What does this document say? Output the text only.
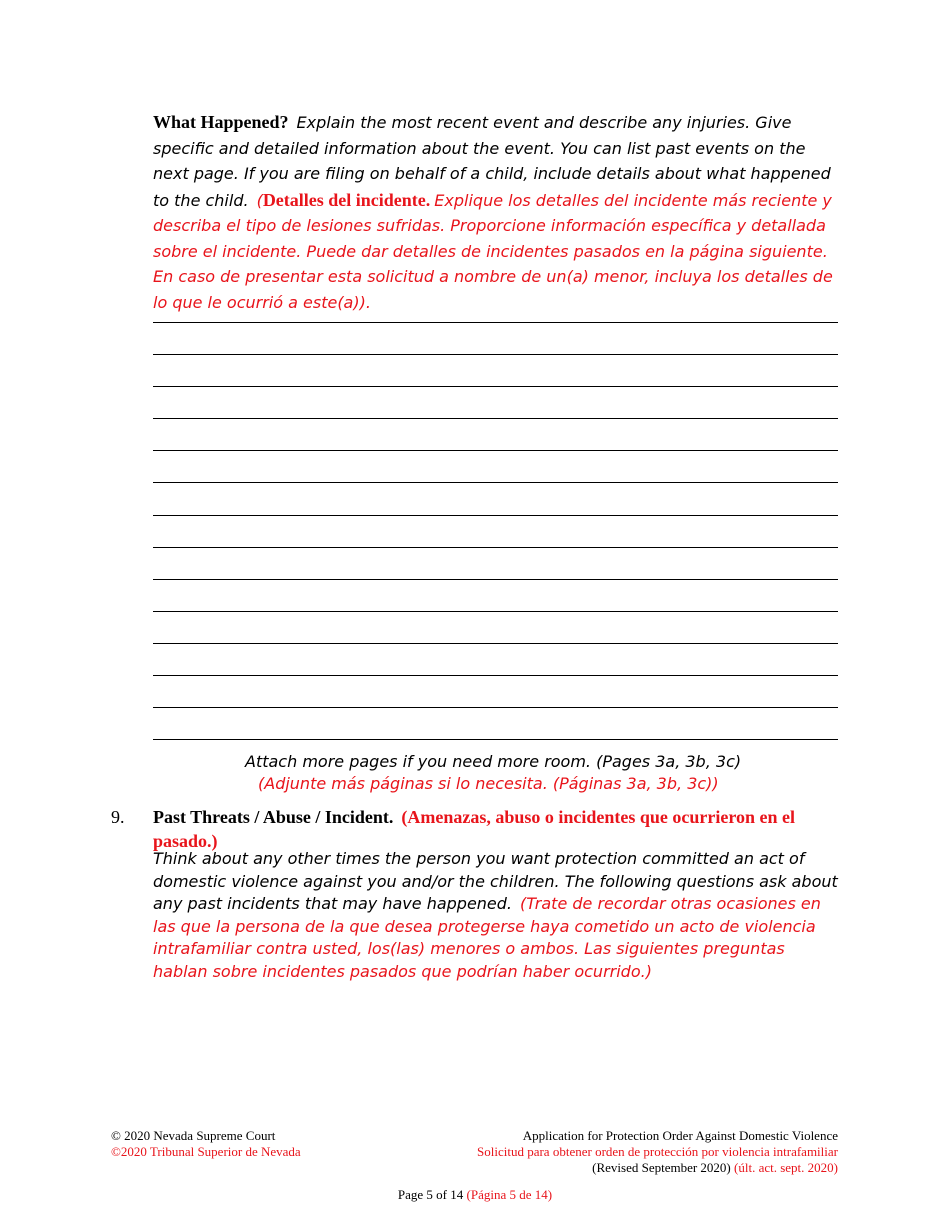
What Happened? Explain the most recent event and describe any injuries. Give specific and detailed information about the event. You can list past events on the next page. If you are filing on behalf of a child, include details about what happened to the child. (Detalles del incidente. Explique los detalles del incidente más reciente y describa el tipo de lesiones sufridas. Proporcione información específica y detallada sobre el incidente. Puede dar detalles de incidentes pasados en la página siguiente. En caso de presentar esta solicitud a nombre de un(a) menor, incluya los detalles de lo que le ocurrió a este(a)).

Attach more pages if you need more room. (Pages 3a, 3b, 3c)
(Adjunte más páginas si lo necesita. (Páginas 3a, 3b, 3c))
9. Past Threats / Abuse / Incident. (Amenazas, abuso o incidentes que ocurrieron en el pasado.)

Think about any other times the person you want protection committed an act of domestic violence against you and/or the children. The following questions ask about any past incidents that may have happened. (Trate de recordar otras ocasiones en las que la persona de la que desea protegerse haya cometido un acto de violencia intrafamiliar contra usted, los(las) menores o ambos. Las siguientes preguntas hablan sobre incidentes pasados que podrían haber ocurrido.)

© 2020 Nevada Supreme Court
©2020 Tribunal Superior de Nevada
Application for Protection Order Against Domestic Violence
Solicitud para obtener orden de protección por violencia intrafamiliar
(Revised September 2020) (últ. act. sept. 2020)
Page 5 of 14 (Página 5 de 14)
